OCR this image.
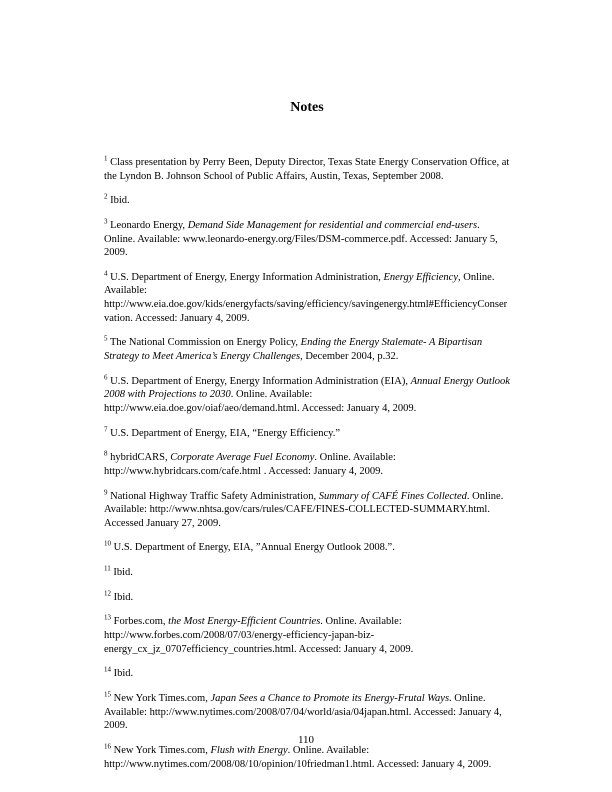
Notes

$^1$ Class presentation by Perry Been, Deputy Director, Texas State Energy Conservation Office, at the Lyndon B. Johnson School of Public Affairs, Austin, Texas, September 2008.

$^2$ Ibid.

$^3$ Leonardo Energy, Demand Side Management for residential and commercial end-users. Online. Available: www.leonardo-energy.org/Files/DSM-commerce.pdf. Accessed: January 5, 2009.

$^4$ U.S. Department of Energy, Energy Information Administration, Energy Efficiency, Online. Available: http://www.eia.doe.gov/kids/energyfacts/saving/efficiency/savingenergy.html#EfficiencyConservation. Accessed: January 4, 2009.

$^5$ The National Commission on Energy Policy, Ending the Energy Stalemate- A Bipartisan Strategy to Meet America’s Energy Challenges, December 2004, p.32.

$^6$ U.S. Department of Energy, Energy Information Administration (EIA), Annual Energy Outlook 2008 with Projections to 2030. Online. Available: http://www.eia.doe.gov/oiaf/aeo/demand.html. Accessed: January 4, 2009.

$^7$ U.S. Department of Energy, EIA, “Energy Efficiency.”

$^8$ hybridCARS, Corporate Average Fuel Economy. Online. Available: http://www.hybridcars.com/cafe.html . Accessed: January 4, 2009.

$^9$ National Highway Traffic Safety Administration, Summary of CAFÉ Fines Collected. Online. Available: http://www.nhtsa.gov/cars/rules/CAFE/FINES-COLLECTED-SUMMARY.html. Accessed January 27, 2009.

$^{10}$ U.S. Department of Energy, EIA, ”Annual Energy Outlook 2008.”.

$^{11}$ Ibid.

$^{12}$ Ibid.

$^{13}$ Forbes.com, the Most Energy-Efficient Countries. Online. Available: http://www.forbes.com/2008/07/03/energy-efficiency-japan-biz-energy_cx_jz_0707efficiency_countries.html. Accessed: January 4, 2009.

$^{14}$ Ibid.

$^{15}$ New York Times.com, Japan Sees a Chance to Promote its Energy-Frutal Ways. Online. Available: http://www.nytimes.com/2008/07/04/world/asia/04japan.html. Accessed: January 4, 2009.

$^{16}$ New York Times.com, Flush with Energy. Online. Available: http://www.nytimes.com/2008/08/10/opinion/10friedman1.html. Accessed: January 4, 2009.

110
